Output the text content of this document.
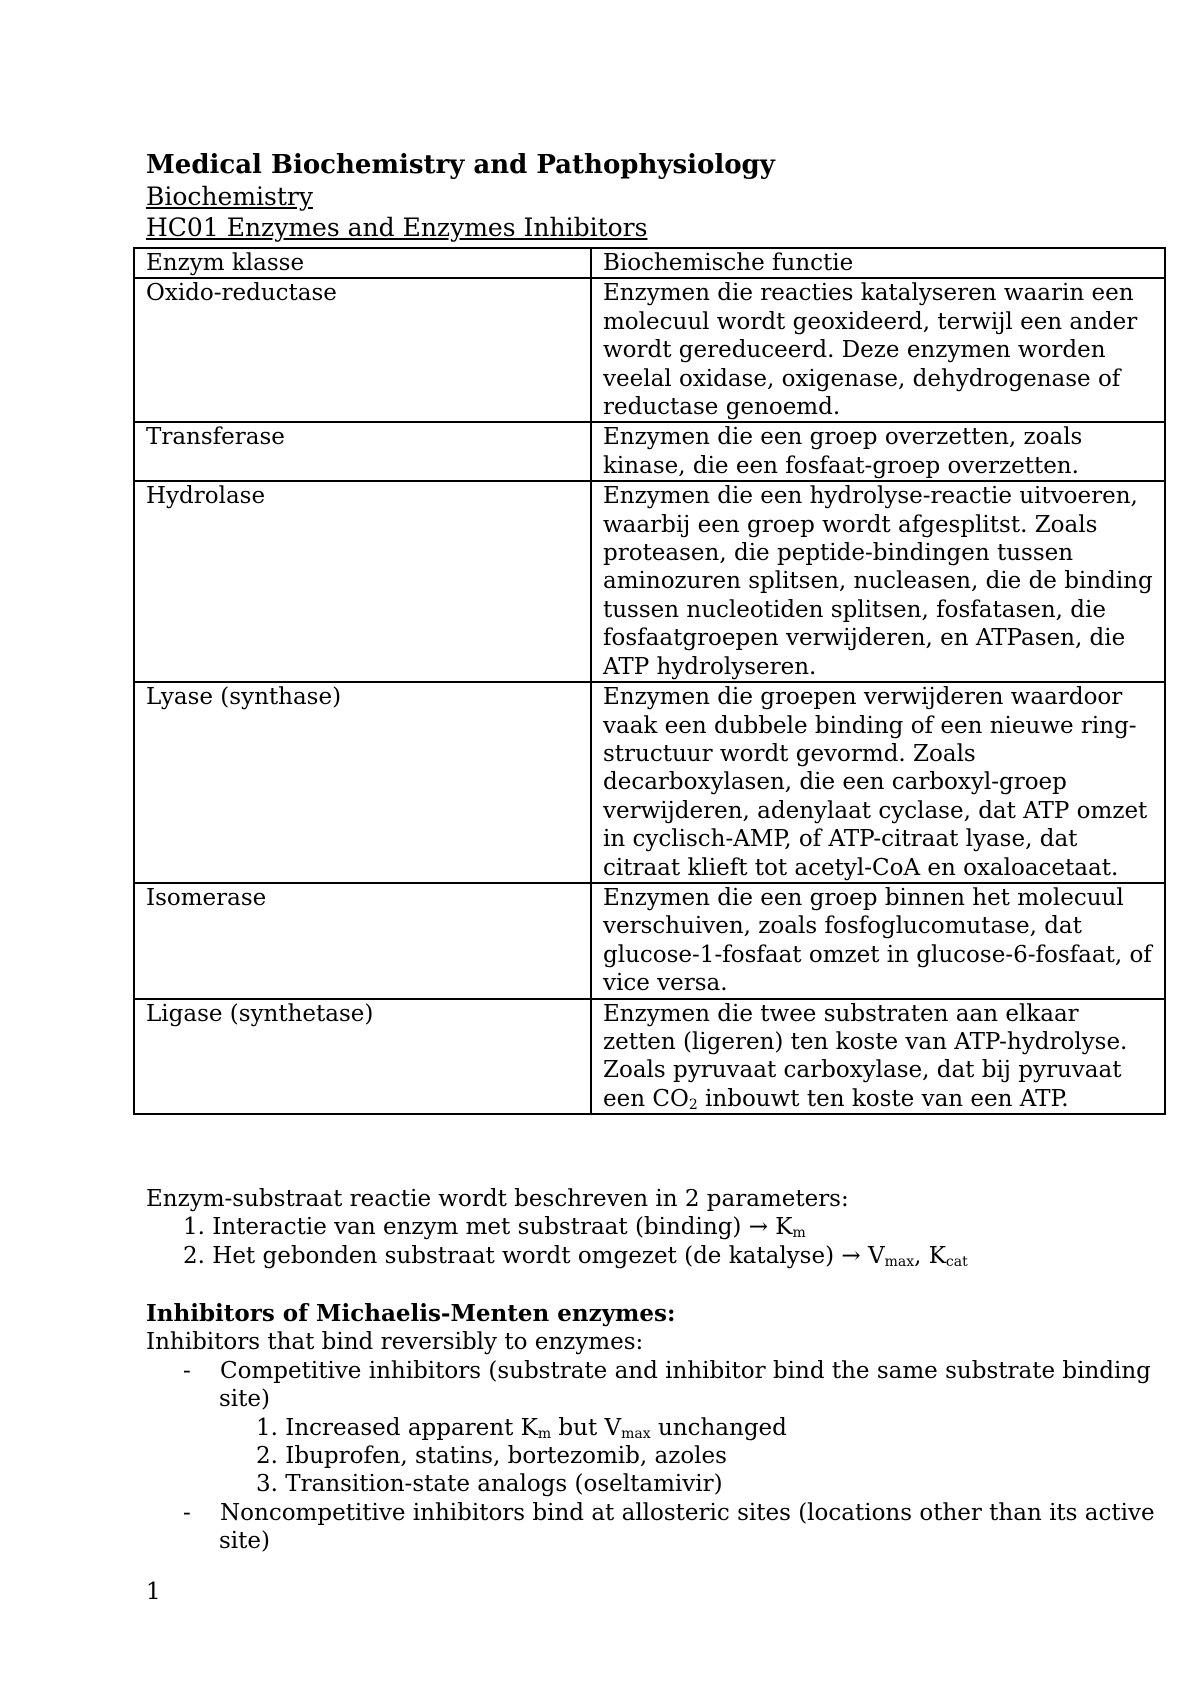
Medical Biochemistry and Pathophysiology
Biochemistry
HC01 Enzymes and Enzymes Inhibitors
Enzym klasse	Biochemische functie
Oxido-reductase	Enzymen die reacties katalyseren waarin een molecuul wordt geoxideerd, terwijl een ander wordt gereduceerd. Deze enzymen worden veelal oxidase, oxigenase, dehydrogenase of reductase genoemd.
Transferase	Enzymen die een groep overzetten, zoals kinase, die een fosfaat-groep overzetten.
Hydrolase	Enzymen die een hydrolyse-reactie uitvoeren, waarbij een groep wordt afgesplitst. Zoals proteasen, die peptide-bindingen tussen aminozuren splitsen, nucleasen, die de binding tussen nucleotiden splitsen, fosfatasen, die fosfaatgroepen verwijderen, en ATPasen, die ATP hydrolyseren.
Lyase (synthase)	Enzymen die groepen verwijderen waardoor vaak een dubbele binding of een nieuwe ring-structuur wordt gevormd. Zoals decarboxylasen, die een carboxyl-groep verwijderen, adenylaat cyclase, dat ATP omzet in cyclisch-AMP, of ATP-citraat lyase, dat citraat klieft tot acetyl-CoA en oxaloacetaat.
Isomerase	Enzymen die een groep binnen het molecuul verschuiven, zoals fosfoglucomutase, dat glucose-1-fosfaat omzet in glucose-6-fosfaat, of vice versa.
Ligase (synthetase)	Enzymen die twee substraten aan elkaar zetten (ligeren) ten koste van ATP-hydrolyse. Zoals pyruvaat carboxylase, dat bij pyruvaat een $CO_2$ inbouwt ten koste van een ATP.
Enzym-substraat reactie wordt beschreven in 2 parameters:
1. Interactie van enzym met substraat (binding) → $K_m$
2. Het gebonden substraat wordt omgezet (de katalyse) → $V_{max}$, $K_{cat}$
Inhibitors of Michaelis-Menten enzymes:
Inhibitors that bind reversibly to enzymes:
- Competitive inhibitors (substrate and inhibitor bind the same substrate binding site)
1. Increased apparent $K_m$ but $V_{max}$ unchanged
2. Ibuprofen, statins, bortezomib, azoles
3. Transition-state analogs (oseltamivir)
- Noncompetitive inhibitors bind at allosteric sites (locations other than its active site)
1
